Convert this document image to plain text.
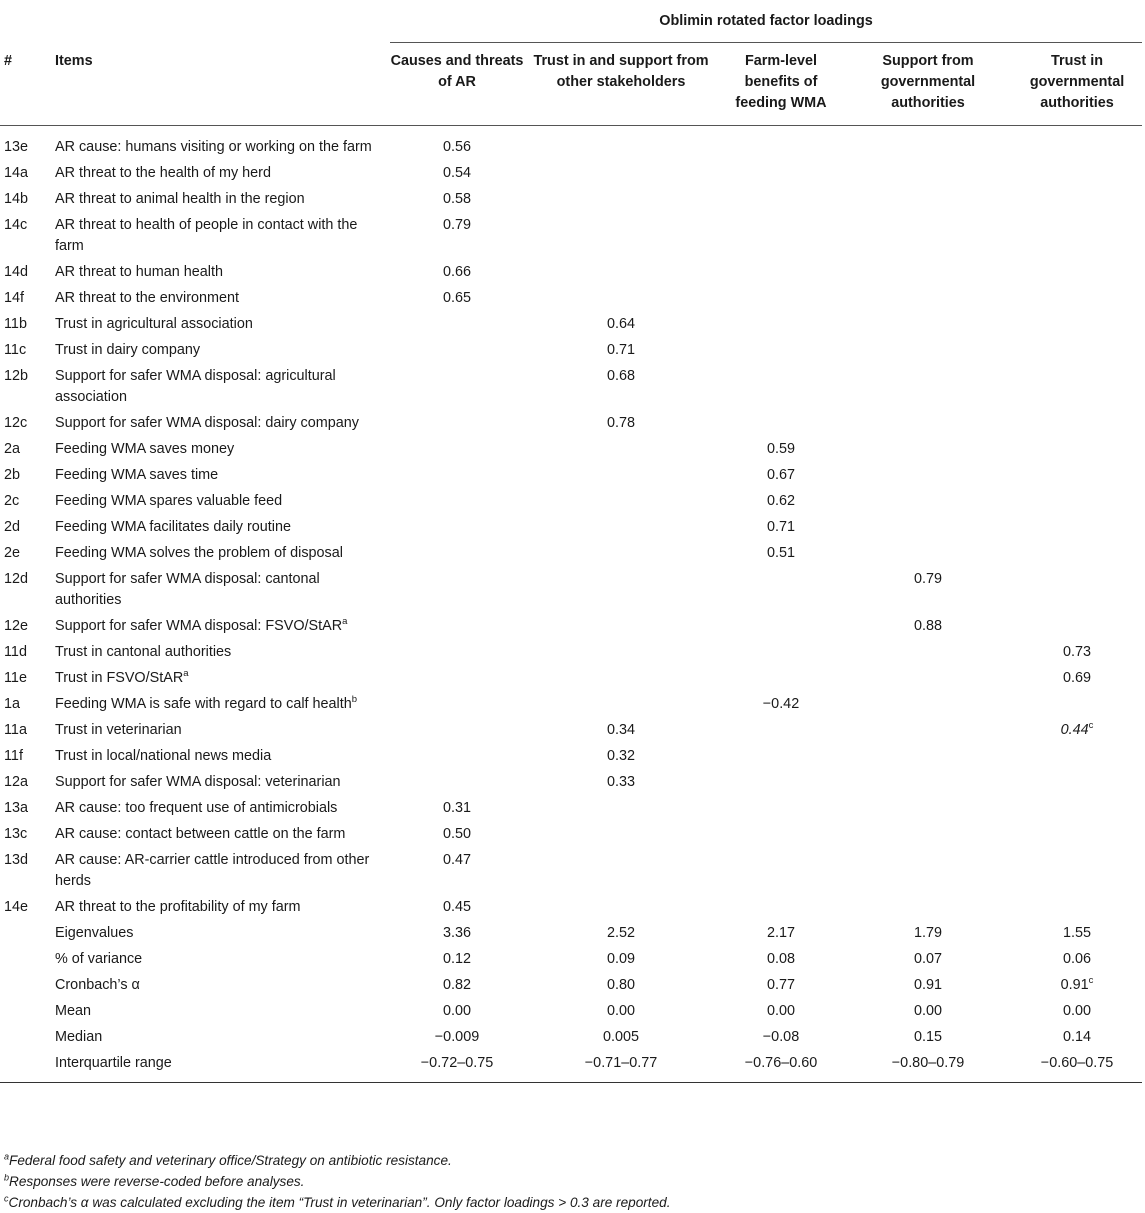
		Oblimin rotated factor loadings				
#	Items	Causes and threats of AR	Trust in and support from other stakeholders	Farm-level benefits of feeding WMA	Support from governmental authorities	Trust in governmental authorities
13e	AR cause: humans visiting or working on the farm	0.56				
14a	AR threat to the health of my herd	0.54				
14b	AR threat to animal health in the region	0.58				
14c	AR threat to health of people in contact with the farm	0.79				
14d	AR threat to human health	0.66				
14f	AR threat to the environment	0.65				
11b	Trust in agricultural association		0.64			
11c	Trust in dairy company		0.71			
12b	Support for safer WMA disposal: agricultural association		0.68			
12c	Support for safer WMA disposal: dairy company		0.78			
2a	Feeding WMA saves money			0.59		
2b	Feeding WMA saves time			0.67		
2c	Feeding WMA spares valuable feed			0.62		
2d	Feeding WMA facilitates daily routine			0.71		
2e	Feeding WMA solves the problem of disposal			0.51		
12d	Support for safer WMA disposal: cantonal authorities				0.79	
12e	Support for safer WMA disposal: FSVO/StAR$^a$				0.88	
11d	Trust in cantonal authorities					0.73
11e	Trust in FSVO/StAR$^a$					0.69
1a	Feeding WMA is safe with regard to calf health$^b$			−0.42		
11a	Trust in veterinarian		0.34			0.44$^c$
11f	Trust in local/national news media		0.32			
12a	Support for safer WMA disposal: veterinarian		0.33			
13a	AR cause: too frequent use of antimicrobials	0.31				
13c	AR cause: contact between cattle on the farm	0.50				
13d	AR cause: AR-carrier cattle introduced from other herds	0.47				
14e	AR threat to the profitability of my farm	0.45				
	Eigenvalues	3.36	2.52	2.17	1.79	1.55
	% of variance	0.12	0.09	0.08	0.07	0.06
	Cronbach’s α	0.82	0.80	0.77	0.91	0.91$^c$
	Mean	0.00	0.00	0.00	0.00	0.00
	Median	−0.009	0.005	−0.08	0.15	0.14
	Interquartile range	−0.72–0.75	−0.71–0.77	−0.76–0.60	−0.80–0.79	−0.60–0.75
$^a$Federal food safety and veterinary office/Strategy on antibiotic resistance.
$^b$Responses were reverse-coded before analyses.
$^c$Cronbach’s α was calculated excluding the item “Trust in veterinarian”. Only factor loadings > 0.3 are reported.
